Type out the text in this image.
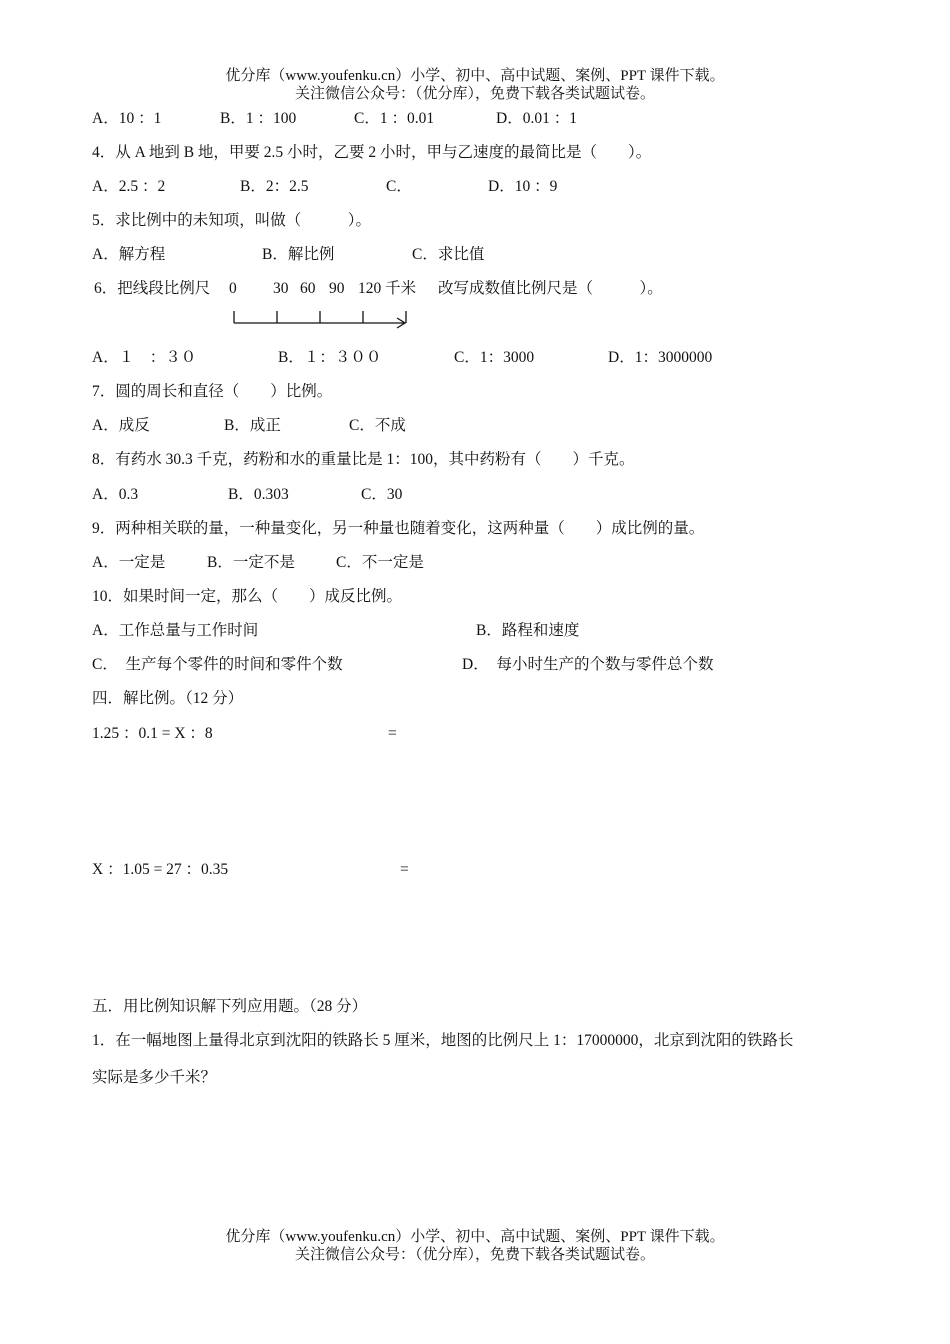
优分库（www.youfenku.cn）小学、初中、高中试题、案例、PPT 课件下载。
关注微信公众号：（优分库），免费下载各类试题试卷。
A．10 ：1	B．1 ：100	C．1 ：0.01	D．0.01 ：1
4．从 A 地到 B 地，甲要 2.5 小时，乙要 2 小时，甲与乙速度的最简比是（　　）。
A．2.5 ：2	B．2：2.5	C．	D．10 ：9
5．求比例中的未知项，叫做（　　　）。
A．解方程	B．解比例	C．求比值
6．把线段比例尺 0 30 60 90 120 千米 改写成数值比例尺是（　　　）。
A．１　：３０	B．１：３００	C．1：3000	D．1：3000000
7．圆的周长和直径（　　）比例。
A．成反	B．成正	C．不成
8．有药水 30.3 千克，药粉和水的重量比是 1：100，其中药粉有（　　）千克。
A．0.3	B．0.303	C．30
9．两种相关联的量，一种量变化，另一种量也随着变化，这两种量（　　）成比例的量。
A．一定是	B．一定不是	C．不一定是
10．如果时间一定，那么（　　）成反比例。
A．工作总量与工作时间	B．路程和速度
C．  生产每个零件的时间和零件个数	D．  每小时生产的个数与零件总个数
四．解比例。（12 分）
1.25 ：0.1 = X ：8	=
X ：1.05 = 27 ：0.35	=
五．用比例知识解下列应用题。（28 分）
1．在一幅地图上量得北京到沈阳的铁路长 5 厘米，地图的比例尺上 1：17000000，北京到沈阳的铁路长
实际是多少千米？
优分库（www.youfenku.cn）小学、初中、高中试题、案例、PPT 课件下载。
关注微信公众号：（优分库），免费下载各类试题试卷。
